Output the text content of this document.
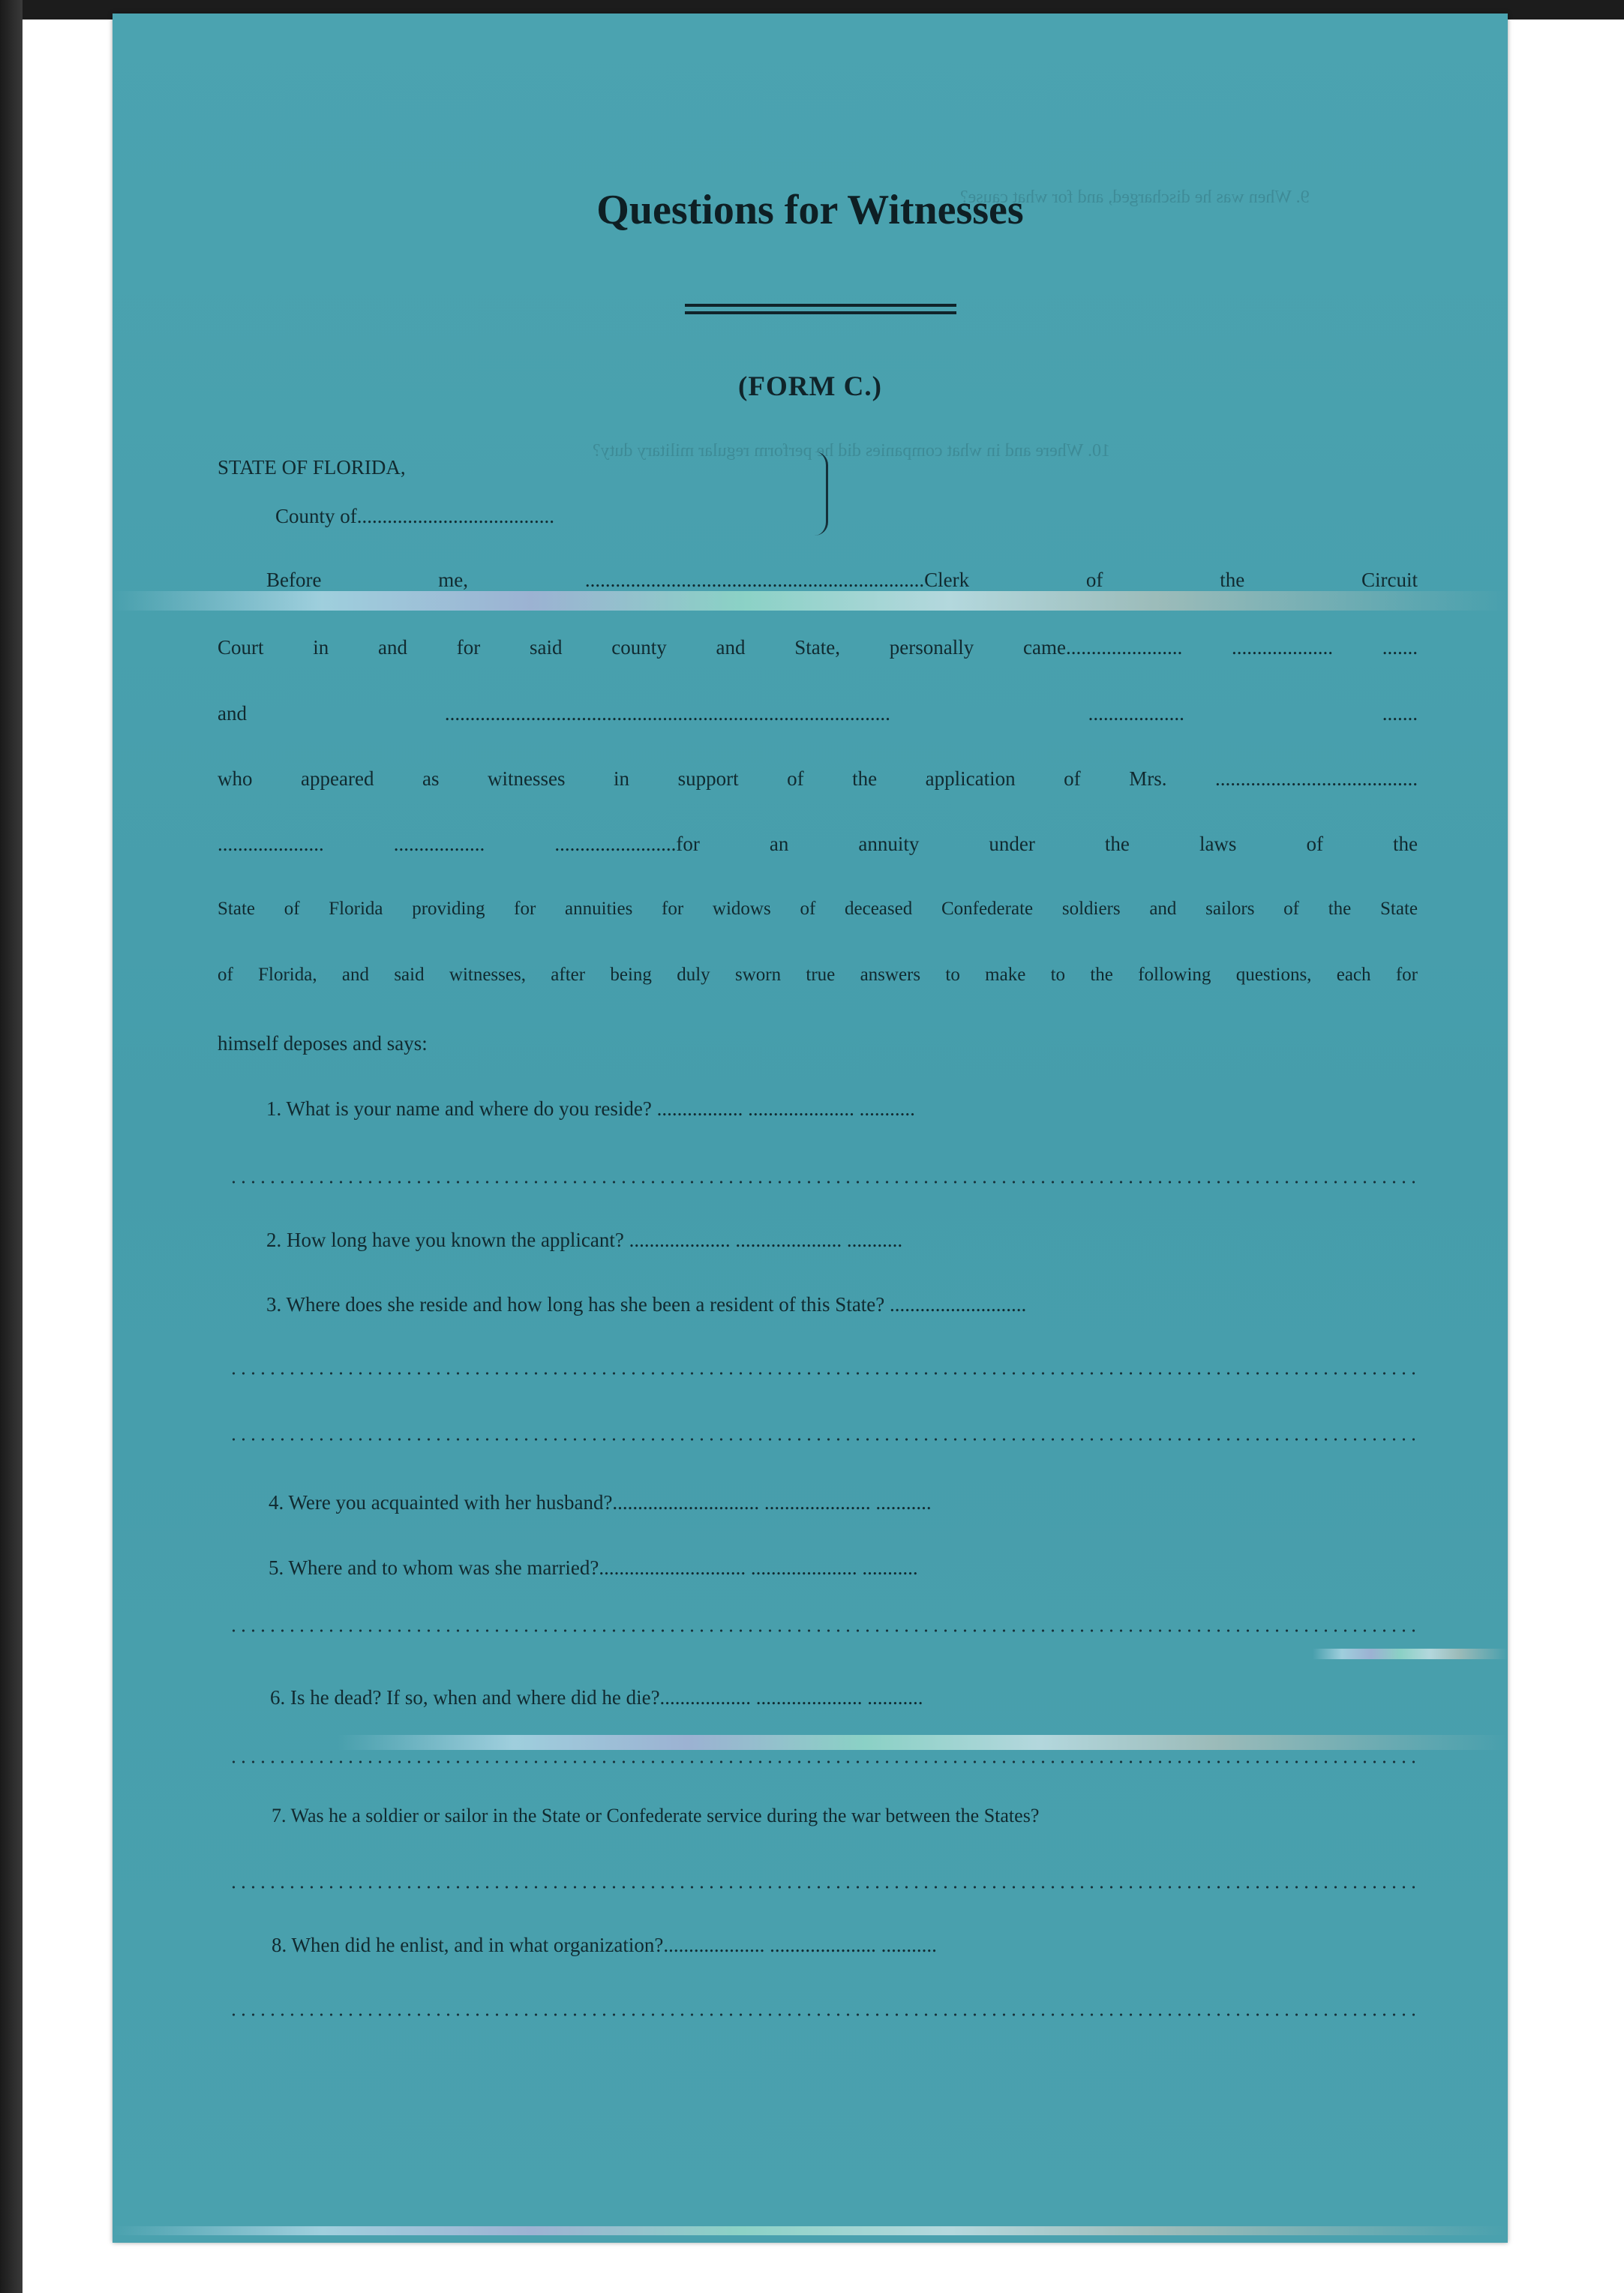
9. When was he discharged, and for what cause?
10. Where and in what companies did he perform regular military duty?
Questions for Witnesses
(FORM C.)
STATE OF FLORIDA,
County of.......................................
Before me, ...................................................................Clerk of the Circuit
Court in and for said county and State, personally came....................... .................... .......
and ........................................................................................ ................... .......
who appeared as witnesses in support of the application of Mrs. ........................................
..................... .................. ........................for an annuity under the laws of the
State of Florida providing for annuities for widows of deceased Confederate soldiers and sailors of the State
of Florida, and said witnesses, after being duly sworn true answers to make to the following questions, each for
himself deposes and says:
1. What is your name and where do you reside? ................. ..................... ...........
2. How long have you known the applicant? .................... ..................... ...........
3. Where does she reside and how long has she been a resident of this State? ...........................
4. Were you acquainted with her husband?............................. ..................... ...........
5. Where and to whom was she married?............................. ..................... ...........
6. Is he dead? If so, when and where did he die?.................. ..................... ...........
7. Was he a soldier or sailor in the State or Confederate service during the war between the States?
8. When did he enlist, and in what organization?.................... ..................... ...........
